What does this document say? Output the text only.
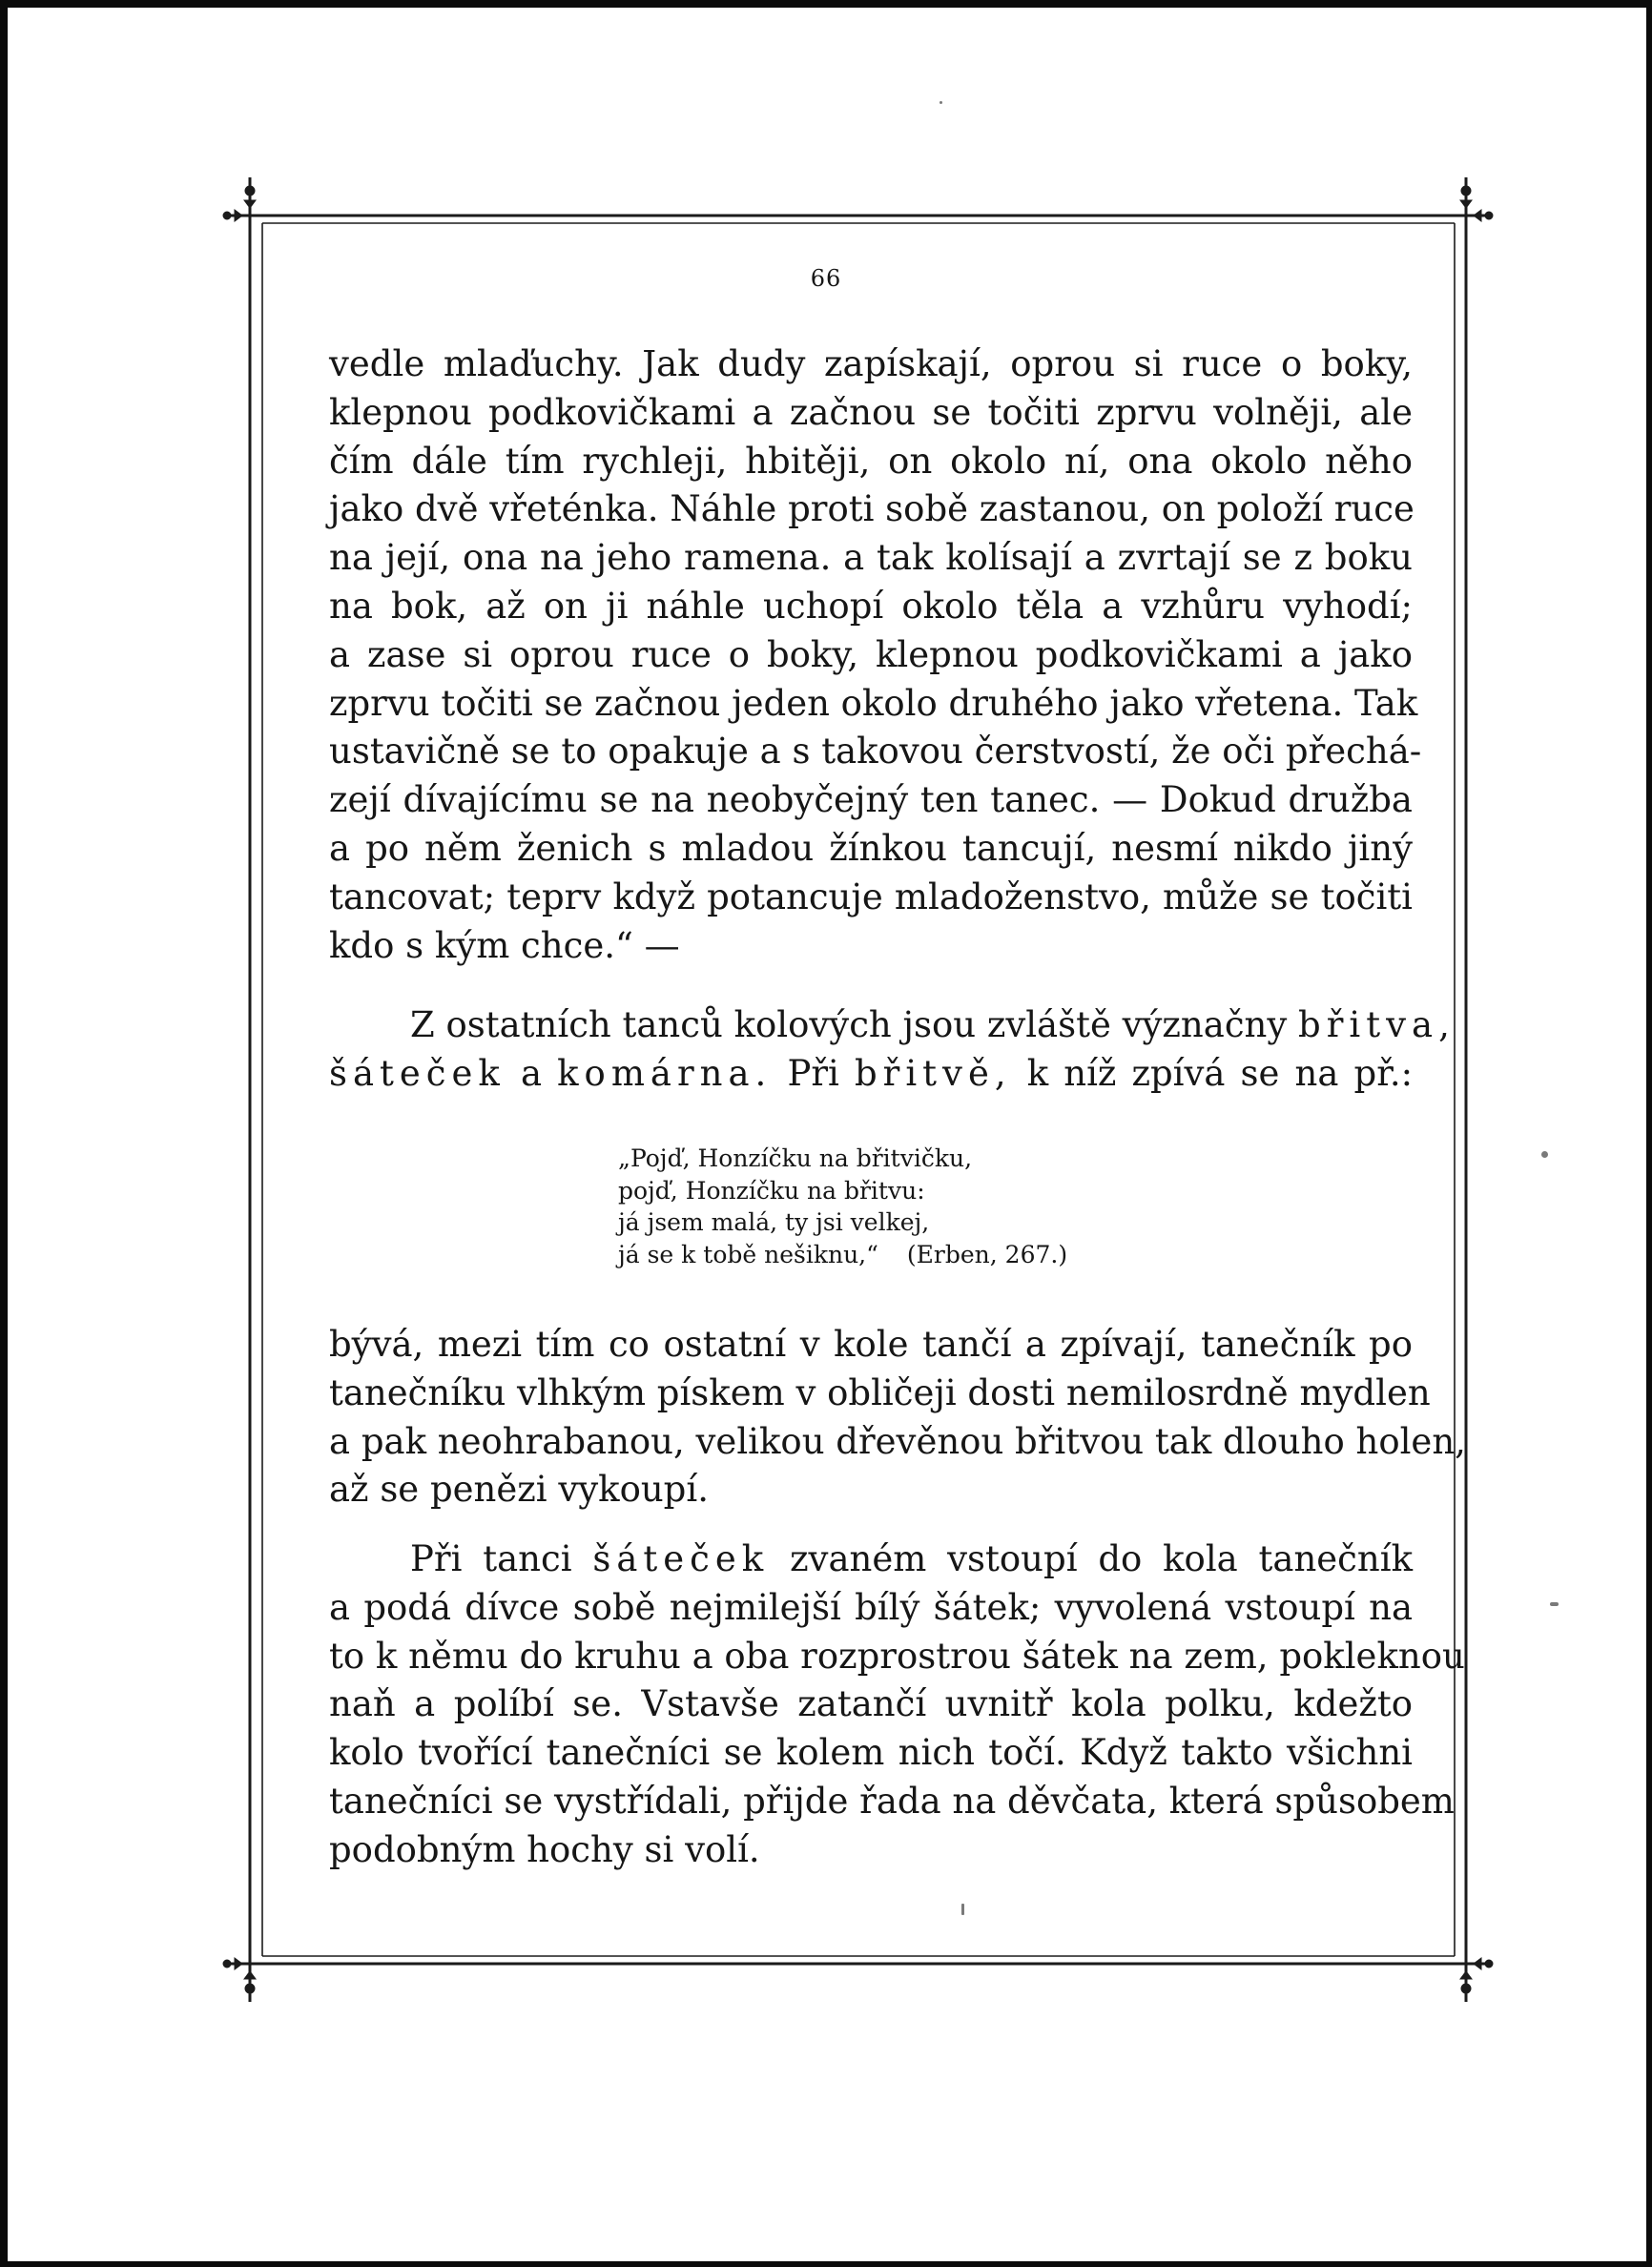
66
vedle mlaďuchy. Jak dudy zapískají, oprou si ruce o boky,
klepnou podkovičkami a začnou se točiti zprvu volněji, ale
čím dále tím rychleji, hbitěji, on okolo ní, ona okolo něho
jako dvě vřeténka. Náhle proti sobě zastanou, on položí ruce
na její, ona na jeho ramena. a tak kolísají a zvrtají se z boku
na bok, až on ji náhle uchopí okolo těla a vzhůru vyhodí;
a zase si oprou ruce o boky, klepnou podkovičkami a jako
zprvu točiti se začnou jeden okolo druhého jako vřetena. Tak
ustavičně se to opakuje a s takovou čerstvostí, že oči přechá-
zejí dívajícímu se na neobyčejný ten tanec. — Dokud družba
a po něm ženich s mladou žínkou tancují, nesmí nikdo jiný
tancovat; teprv když potancuje mladoženstvo, může se točiti
kdo s kým chce.“ —
Z ostatních tanců kolových jsou zvláště význačny břitva,
šáteček a komárna. Při břitvě, k níž zpívá se na př.:
„Pojď, Honzíčku na břitvičku,
pojď, Honzíčku na břitvu:
já jsem malá, ty jsi velkej,
já se k tobě nešiknu,“ (Erben, 267.)
bývá, mezi tím co ostatní v kole tančí a zpívají, tanečník po
tanečníku vlhkým pískem v obličeji dosti nemilosrdně mydlen
a pak neohrabanou, velikou dřevěnou břitvou tak dlouho holen,
až se penězi vykoupí.
Při tanci šáteček zvaném vstoupí do kola tanečník
a podá dívce sobě nejmilejší bílý šátek; vyvolená vstoupí na
to k němu do kruhu a oba rozprostrou šátek na zem, pokleknou
naň a políbí se. Vstavše zatančí uvnitř kola polku, kdežto
kolo tvořící tanečníci se kolem nich točí. Když takto všichni
tanečníci se vystřídali, přijde řada na děvčata, která spůsobem
podobným hochy si volí.
